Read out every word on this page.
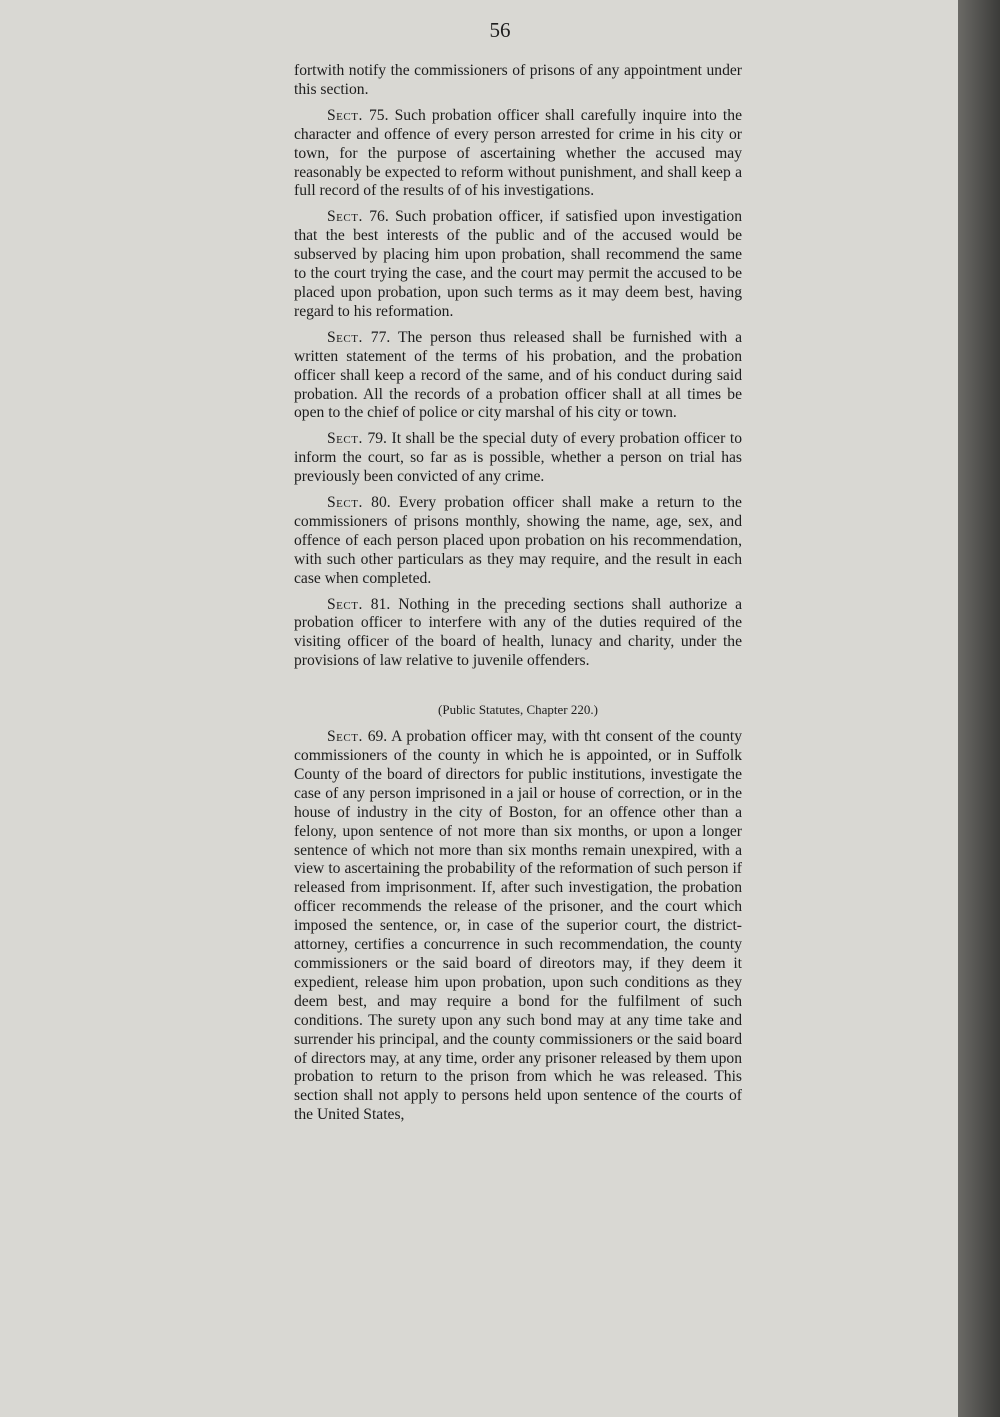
56

fortwith notify the commissioners of prisons of any appointment under this section.

Sect. 75. Such probation officer shall carefully inquire into the character and offence of every person arrested for crime in his city or town, for the purpose of ascertaining whether the accused may reasonably be expected to reform without punishment, and shall keep a full record of the results of of his investigations.

Sect. 76. Such probation officer, if satisfied upon investigation that the best interests of the public and of the accused would be subserved by placing him upon probation, shall recommend the same to the court trying the case, and the court may permit the accused to be placed upon probation, upon such terms as it may deem best, having regard to his reformation.

Sect. 77. The person thus released shall be furnished with a written statement of the terms of his probation, and the probation officer shall keep a record of the same, and of his conduct during said probation. All the records of a probation officer shall at all times be open to the chief of police or city marshal of his city or town.

Sect. 79. It shall be the special duty of every probation officer to inform the court, so far as is possible, whether a person on trial has previously been convicted of any crime.

Sect. 80. Every probation officer shall make a return to the commissioners of prisons monthly, showing the name, age, sex, and offence of each person placed upon probation on his recommendation, with such other particulars as they may require, and the result in each case when completed.

Sect. 81. Nothing in the preceding sections shall authorize a probation officer to interfere with any of the duties required of the visiting officer of the board of health, lunacy and charity, under the provisions of law relative to juvenile offenders.

(Public Statutes, Chapter 220.)

Sect. 69. A probation officer may, with tht consent of the county commissioners of the county in which he is appointed, or in Suffolk County of the board of directors for public institutions, investigate the case of any person imprisoned in a jail or house of correction, or in the house of industry in the city of Boston, for an offence other than a felony, upon sentence of not more than six months, or upon a longer sentence of which not more than six months remain unexpired, with a view to ascertaining the probability of the reformation of such person if released from imprisonment. If, after such investigation, the probation officer recommends the release of the prisoner, and the court which imposed the sentence, or, in case of the superior court, the district-attorney, certifies a concurrence in such recommendation, the county commissioners or the said board of direotors may, if they deem it expedient, release him upon probation, upon such conditions as they deem best, and may require a bond for the fulfilment of such conditions. The surety upon any such bond may at any time take and surrender his principal, and the county commissioners or the said board of directors may, at any time, order any prisoner released by them upon probation to return to the prison from which he was released. This section shall not apply to persons held upon sentence of the courts of the United States,
